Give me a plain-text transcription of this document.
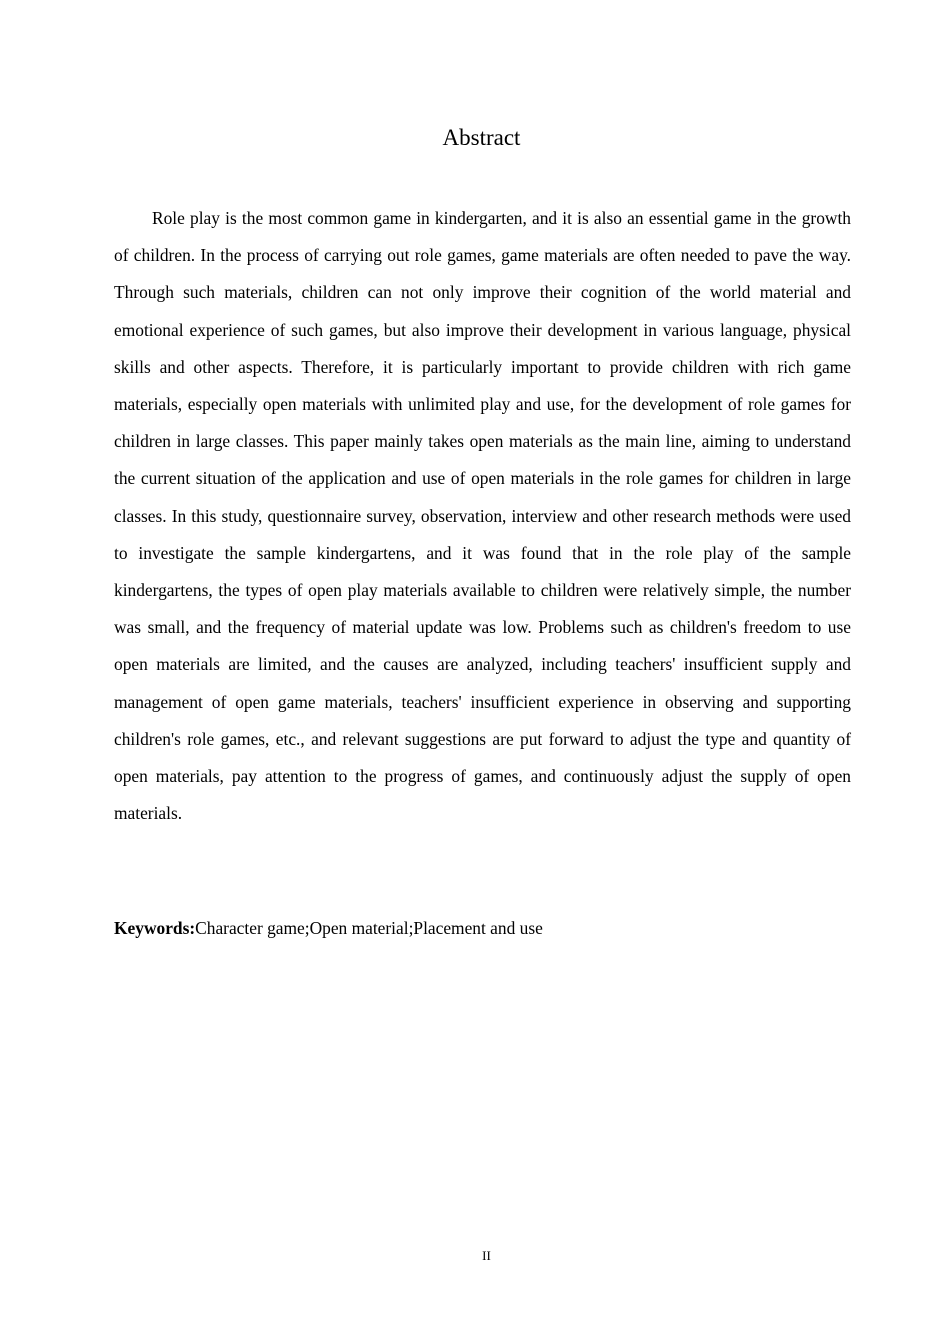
Abstract

Role play is the most common game in kindergarten, and it is also an essential game in the growth of children. In the process of carrying out role games, game materials are often needed to pave the way. Through such materials, children can not only improve their cognition of the world material and emotional experience of such games, but also improve their development in various language, physical skills and other aspects. Therefore, it is particularly important to provide children with rich game materials, especially open materials with unlimited play and use, for the development of role games for children in large classes. This paper mainly takes open materials as the main line, aiming to understand the current situation of the application and use of open materials in the role games for children in large classes. In this study, questionnaire survey, observation, interview and other research methods were used to investigate the sample kindergartens, and it was found that in the role play of the sample kindergartens, the types of open play materials available to children were relatively simple, the number was small, and the frequency of material update was low. Problems such as children's freedom to use open materials are limited, and the causes are analyzed, including teachers' insufficient supply and management of open game materials, teachers' insufficient experience in observing and supporting children's role games, etc., and relevant suggestions are put forward to adjust the type and quantity of open materials, pay attention to the progress of games, and continuously adjust the supply of open materials.

Keywords:Character game;Open material;Placement and use
II
